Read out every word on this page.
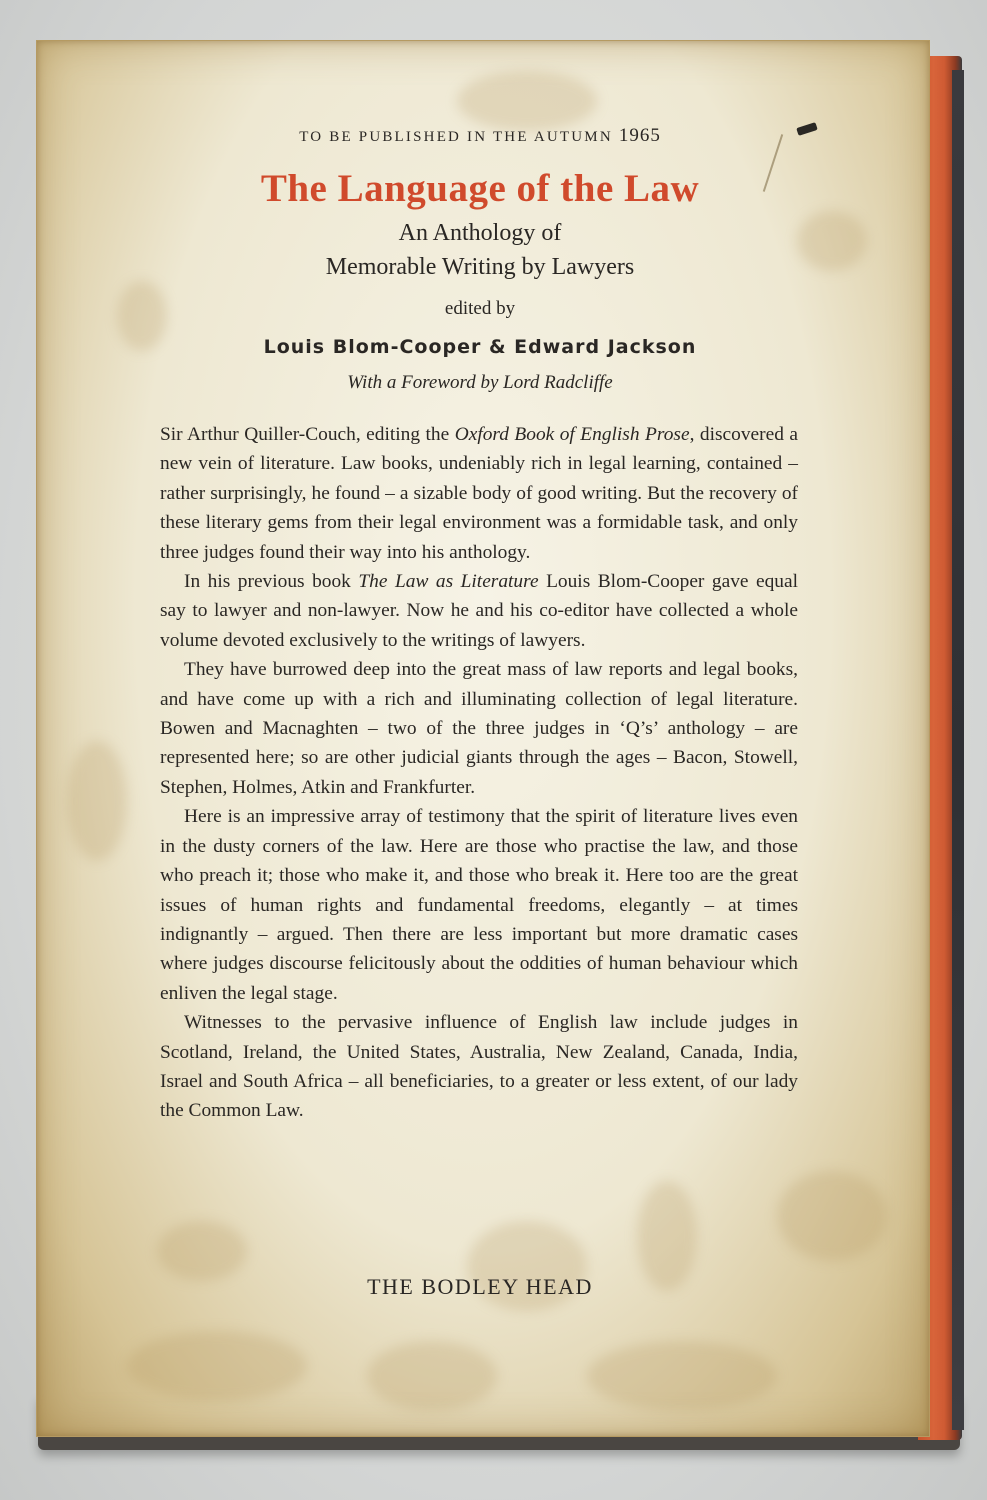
TO BE PUBLISHED IN THE AUTUMN 1965
The Language of the Law
An Anthology of
Memorable Writing by Lawyers
edited by
Louis Blom-Cooper & Edward Jackson
With a Foreword by Lord Radcliffe
THE BODLEY HEAD

Sir Arthur Quiller-Couch, editing the Oxford Book of English Prose, discovered a new vein of literature. Law books, undeniably rich in legal learning, contained – rather surprisingly, he found – a sizable body of good writing. But the recovery of these literary gems from their legal environment was a formidable task, and only three judges found their way into his anthology.

In his previous book The Law as Literature Louis Blom-Cooper gave equal say to lawyer and non-lawyer. Now he and his co-editor have collected a whole volume devoted exclusively to the writings of lawyers.

They have burrowed deep into the great mass of law reports and legal books, and have come up with a rich and illuminating collection of legal literature. Bowen and Macnaghten – two of the three judges in ‘Q’s’ anthology – are represented here; so are other judicial giants through the ages – Bacon, Stowell, Stephen, Holmes, Atkin and Frankfurter.

Here is an impressive array of testimony that the spirit of literature lives even in the dusty corners of the law. Here are those who practise the law, and those who preach it; those who make it, and those who break it. Here too are the great issues of human rights and fundamental freedoms, elegantly – at times indignantly – argued. Then there are less important but more dramatic cases where judges discourse felicitously about the oddities of human behaviour which enliven the legal stage.

Witnesses to the pervasive influence of English law include judges in Scotland, Ireland, the United States, Australia, New Zealand, Canada, India, Israel and South Africa – all beneficiaries, to a greater or less extent, of our lady the Common Law.
